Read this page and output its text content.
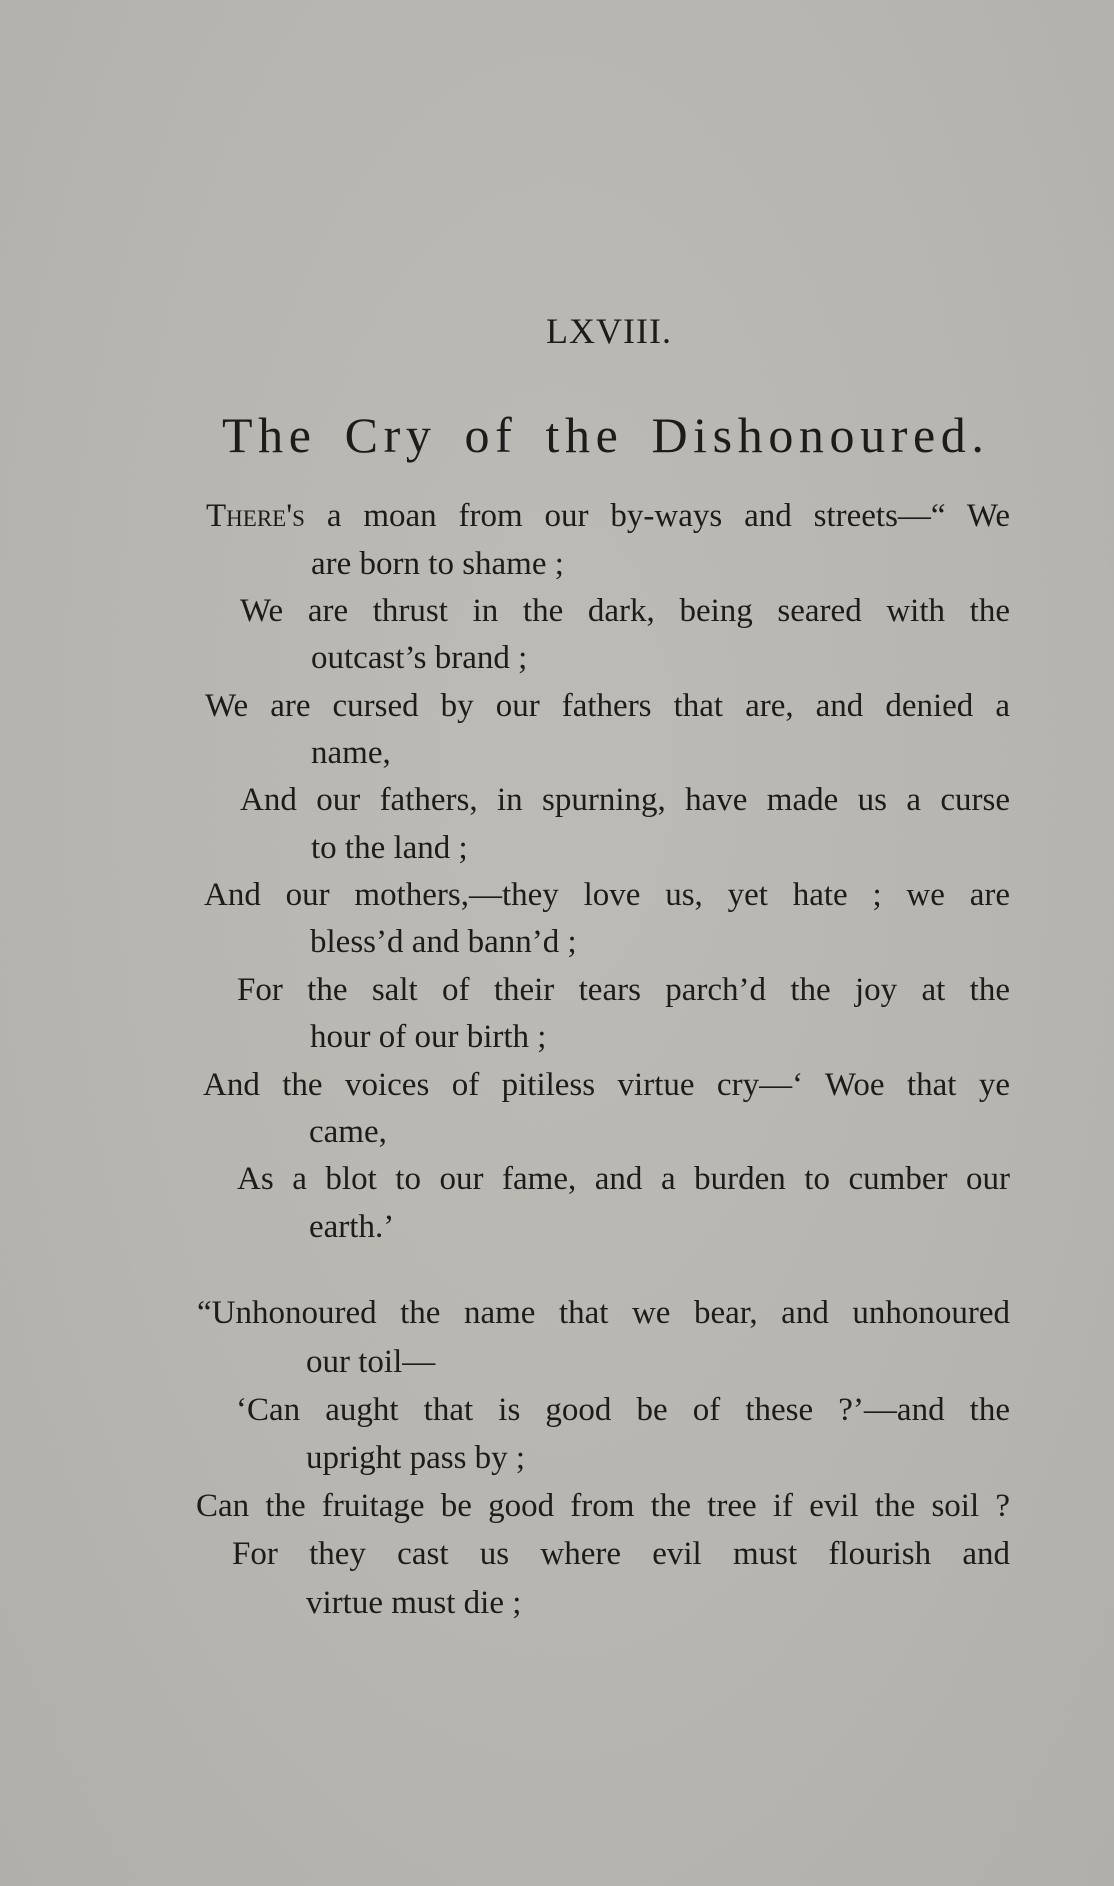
LXVIII.
The Cry of the Dishonoured.
There's a moan from our by-ways and streets—“ We
are born to shame ;
We are thrust in the dark, being seared with the
outcast’s brand ;
We are cursed by our fathers that are, and denied a
name,
And our fathers, in spurning, have made us a curse
to the land ;
And our mothers,—they love us, yet hate ; we are
bless’d and bann’d ;
For the salt of their tears parch’d the joy at the
hour of our birth ;
And the voices of pitiless virtue cry—‘ Woe that ye
came,
As a blot to our fame, and a burden to cumber our
earth.’
“Unhonoured the name that we bear, and unhonoured
our toil—
‘Can aught that is good be of these ?’—and the
upright pass by ;
Can the fruitage be good from the tree if evil the soil ?
For they cast us where evil must flourish and
virtue must die ;
